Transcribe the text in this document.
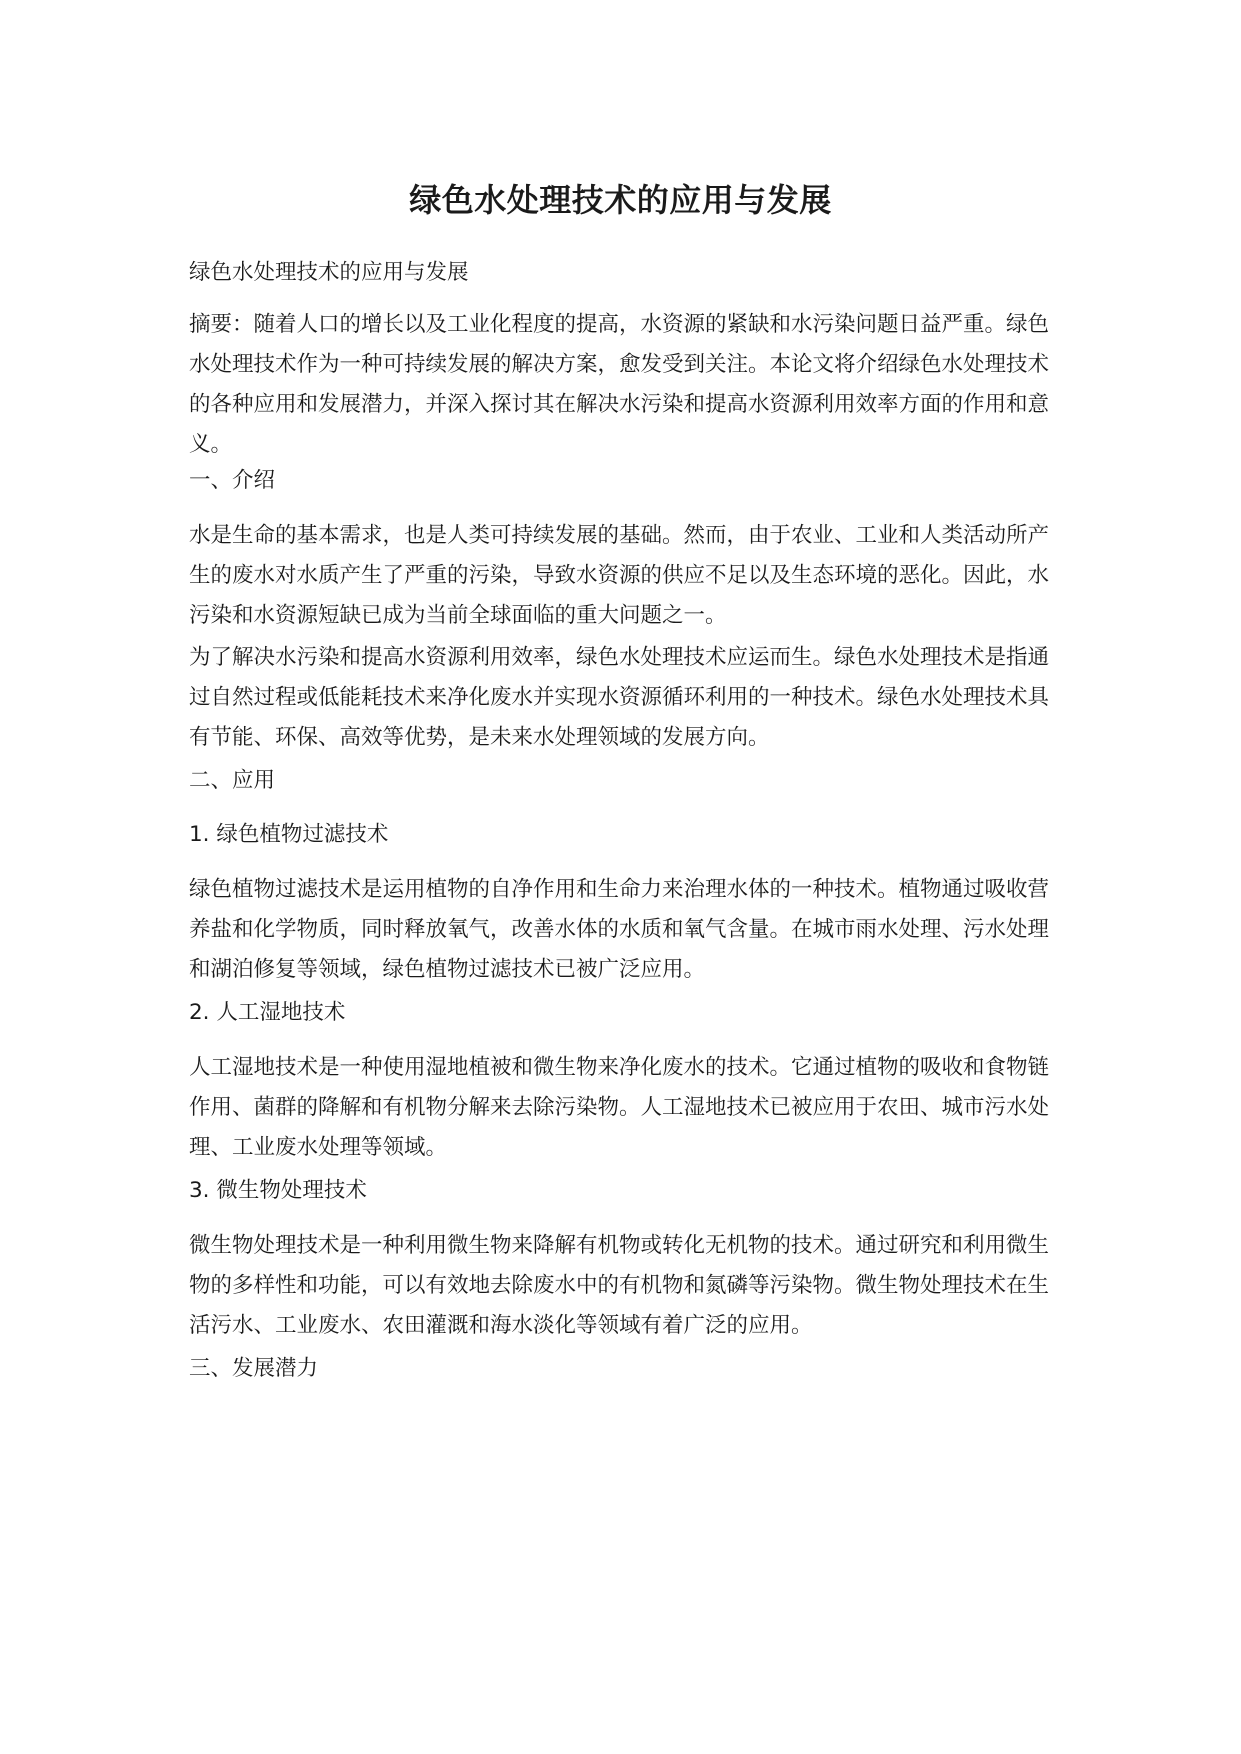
绿色水处理技术的应用与发展

绿色水处理技术的应用与发展

摘要：随着人口的增长以及工业化程度的提高，水资源的紧缺和水污染问题日益严重。绿色水处理技术作为一种可持续发展的解决方案，愈发受到关注。本论文将介绍绿色水处理技术的各种应用和发展潜力，并深入探讨其在解决水污染和提高水资源利用效率方面的作用和意义。

一、介绍

水是生命的基本需求，也是人类可持续发展的基础。然而，由于农业、工业和人类活动所产生的废水对水质产生了严重的污染，导致水资源的供应不足以及生态环境的恶化。因此，水污染和水资源短缺已成为当前全球面临的重大问题之一。

为了解决水污染和提高水资源利用效率，绿色水处理技术应运而生。绿色水处理技术是指通过自然过程或低能耗技术来净化废水并实现水资源循环利用的一种技术。绿色水处理技术具有节能、环保、高效等优势，是未来水处理领域的发展方向。

二、应用

1. 绿色植物过滤技术

绿色植物过滤技术是运用植物的自净作用和生命力来治理水体的一种技术。植物通过吸收营养盐和化学物质，同时释放氧气，改善水体的水质和氧气含量。在城市雨水处理、污水处理和湖泊修复等领域，绿色植物过滤技术已被广泛应用。

2. 人工湿地技术

人工湿地技术是一种使用湿地植被和微生物来净化废水的技术。它通过植物的吸收和食物链作用、菌群的降解和有机物分解来去除污染物。人工湿地技术已被应用于农田、城市污水处理、工业废水处理等领域。

3. 微生物处理技术

微生物处理技术是一种利用微生物来降解有机物或转化无机物的技术。通过研究和利用微生物的多样性和功能，可以有效地去除废水中的有机物和氮磷等污染物。微生物处理技术在生活污水、工业废水、农田灌溉和海水淡化等领域有着广泛的应用。

三、发展潜力
